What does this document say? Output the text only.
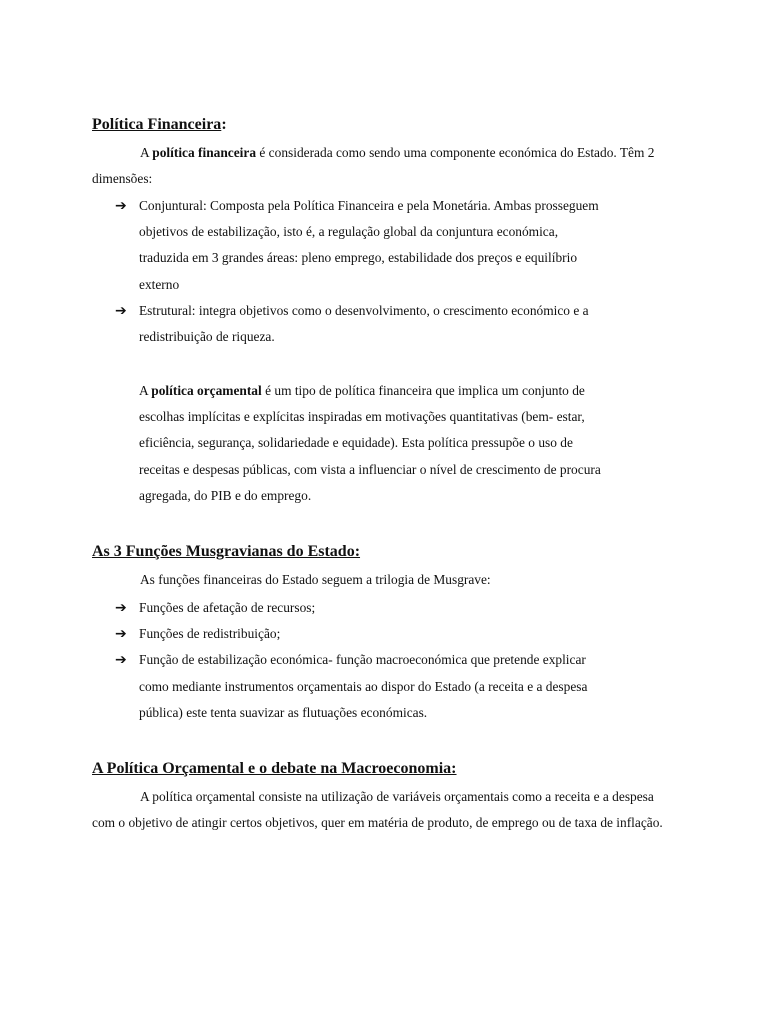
Política Financeira:

A política financeira é considerada como sendo uma componente económica do Estado. Têm 2 dimensões:

➔ Conjuntural: Composta pela Política Financeira e pela Monetária. Ambas prosseguem
objetivos de estabilização, isto é, a regulação global da conjuntura económica,
traduzida em 3 grandes áreas: pleno emprego, estabilidade dos preços e equilíbrio
externo
➔ Estrutural: integra objetivos como o desenvolvimento, o crescimento económico e a
redistribuição de riqueza.
A política orçamental é um tipo de política financeira que implica um conjunto de
escolhas implícitas e explícitas inspiradas em motivações quantitativas (bem- estar,
eficiência, segurança, solidariedade e equidade). Esta política pressupõe o uso de
receitas e despesas públicas, com vista a influenciar o nível de crescimento de procura
agregada, do PIB e do emprego.
As 3 Funções Musgravianas do Estado:

As funções financeiras do Estado seguem a trilogia de Musgrave:

➔ Funções de afetação de recursos;
➔ Funções de redistribuição;
➔ Função de estabilização económica- função macroeconómica que pretende explicar
como mediante instrumentos orçamentais ao dispor do Estado (a receita e a despesa
pública) este tenta suavizar as flutuações económicas.
A Política Orçamental e o debate na Macroeconomia:

A política orçamental consiste na utilização de variáveis orçamentais como a receita e a despesa com o objetivo de atingir certos objetivos, quer em matéria de produto, de emprego ou de taxa de inflação.
